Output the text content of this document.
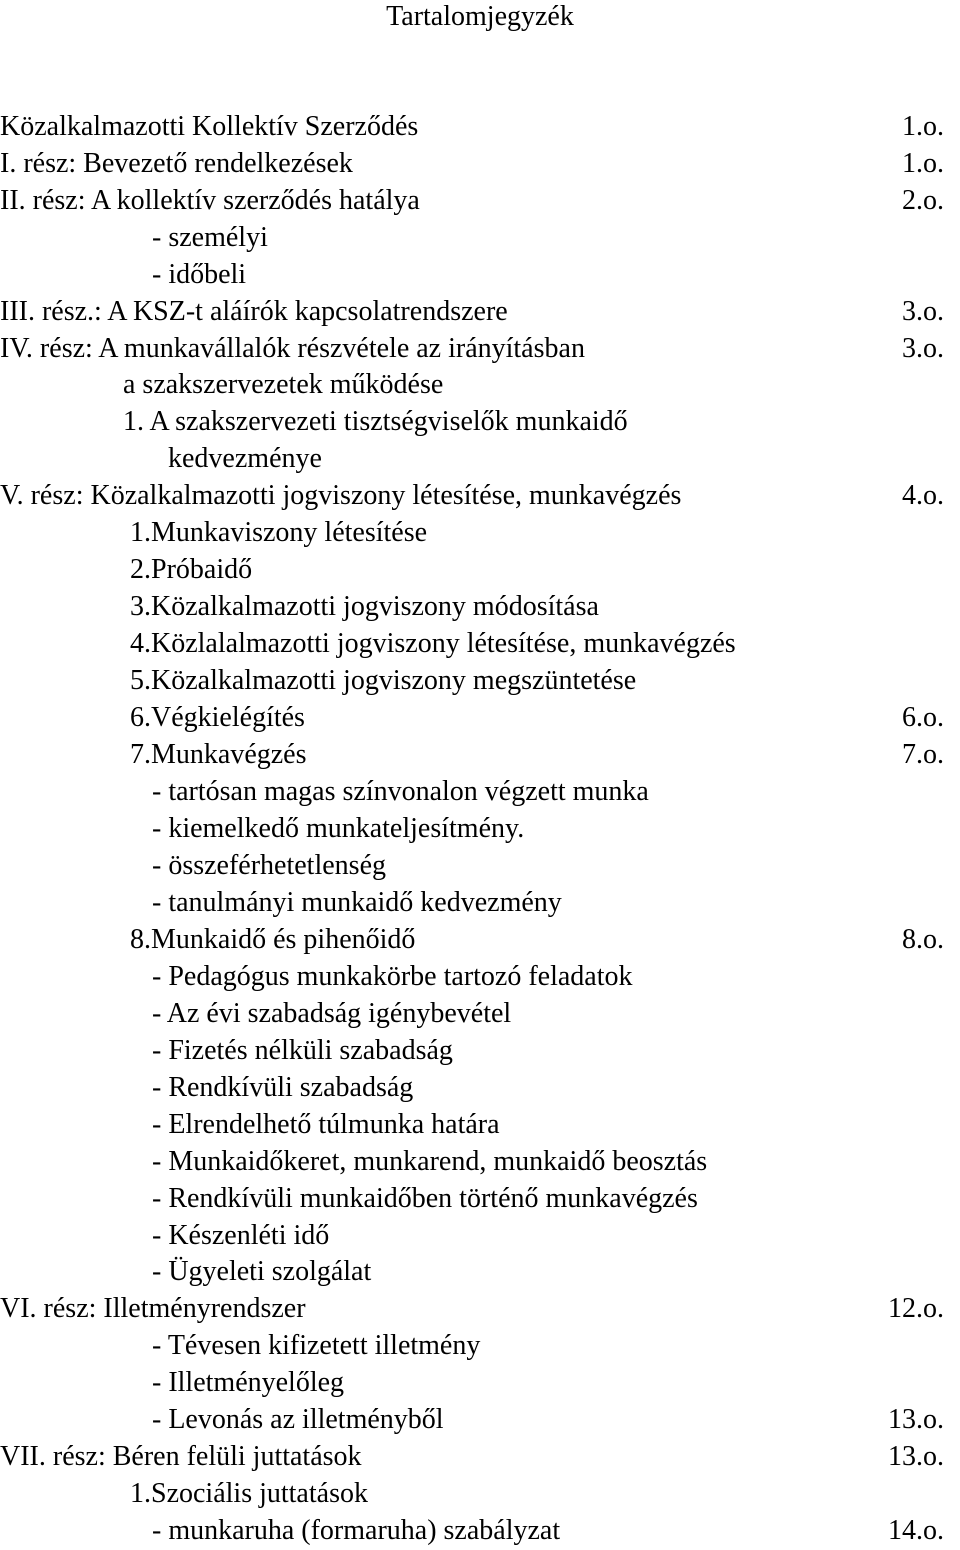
Tartalomjegyzék
Közalkalmazotti Kollektív Szerződés	1.o.
I. rész: Bevezető rendelkezések	1.o.
II. rész: A kollektív szerződés hatálya	2.o.
- személyi
- időbeli
III. rész.: A KSZ-t aláírók kapcsolatrendszere	3.o.
IV. rész: A munkavállalók részvétele az irányításban	3.o.
a szakszervezetek működése
1. A szakszervezeti tisztségviselők munkaidő
kedvezménye
V. rész: Közalkalmazotti jogviszony létesítése, munkavégzés	4.o.
1.Munkaviszony létesítése
2.Próbaidő
3.Közalkalmazotti jogviszony módosítása
4.Közlalalmazotti jogviszony létesítése, munkavégzés
5.Közalkalmazotti jogviszony megszüntetése
6.Végkielégítés	6.o.
7.Munkavégzés	7.o.
- tartósan magas színvonalon végzett munka
- kiemelkedő munkateljesítmény.
- összeférhetetlenség
- tanulmányi munkaidő kedvezmény
8.Munkaidő és pihenőidő	8.o.
- Pedagógus munkakörbe tartozó feladatok
- Az évi szabadság igénybevétel
- Fizetés nélküli szabadság
- Rendkívüli szabadság
- Elrendelhető túlmunka határa
- Munkaidőkeret, munkarend, munkaidő beosztás
- Rendkívüli munkaidőben történő munkavégzés
- Készenléti idő
- Ügyeleti szolgálat
VI. rész: Illetményrendszer	12.o.
- Tévesen kifizetett illetmény
- Illetményelőleg
- Levonás az illetményből	13.o.
VII. rész: Béren felüli juttatások	13.o.
1.Szociális juttatások
- munkaruha (formaruha) szabályzat	14.o.
